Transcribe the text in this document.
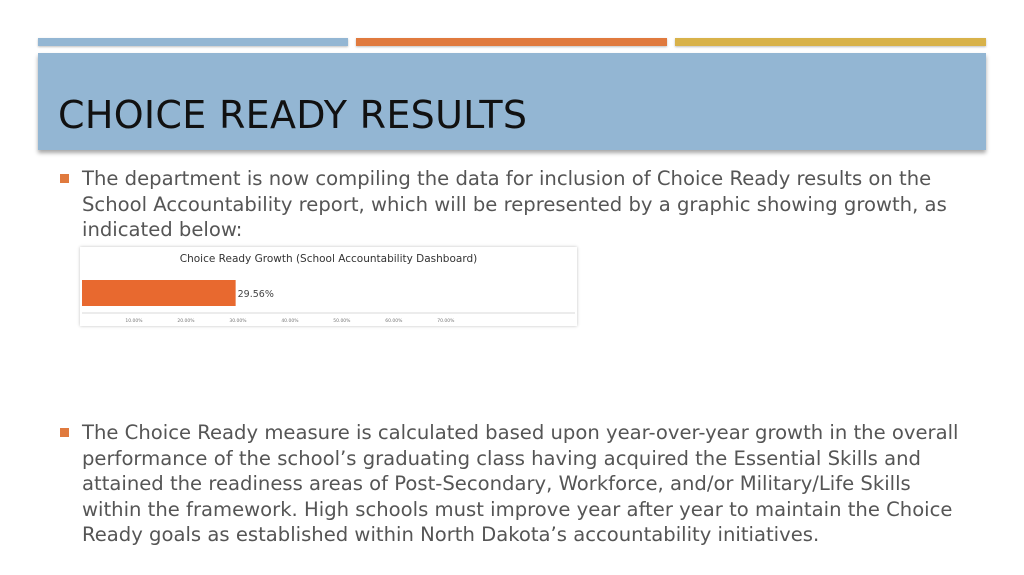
CHOICE READY RESULTS

The department is now compiling the data for inclusion of Choice Ready results on the School Accountability report, which will be represented by a graphic showing growth, as indicated below:

Choice Ready Growth (School Accountability Dashboard)

29.56%
10.00%	20.00%	30.00%	40.00%	50.00%	60.00%	70.00%

The Choice Ready measure is calculated based upon year-over-year growth in the overall performance of the school’s graduating class having acquired the Essential Skills and attained the readiness areas of Post-Secondary, Workforce, and/or Military/Life Skills within the framework. High schools must improve year after year to maintain the Choice Ready goals as established within North Dakota’s accountability initiatives.
